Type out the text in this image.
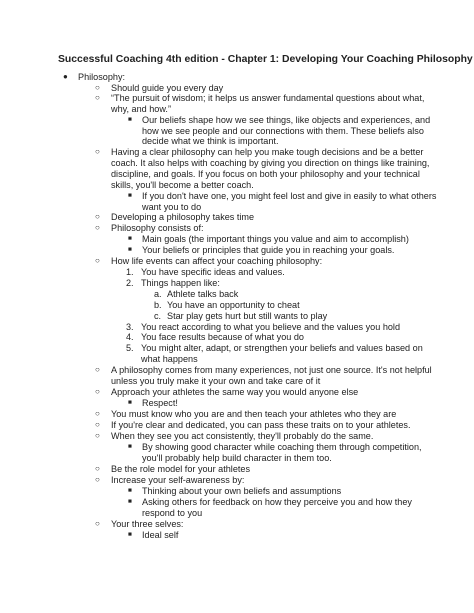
Successful Coaching 4th edition - Chapter 1: Developing Your Coaching Philosophy
● Philosophy:
○ Should guide you every day
○ “The pursuit of wisdom; it helps us answer fundamental questions about what,
why, and how.”
■ Our beliefs shape how we see things, like objects and experiences, and
how we see people and our connections with them. These beliefs also
decide what we think is important.
○ Having a clear philosophy can help you make tough decisions and be a better
coach. It also helps with coaching by giving you direction on things like training,
discipline, and goals. If you focus on both your philosophy and your technical
skills, you'll become a better coach.
■ If you don't have one, you might feel lost and give in easily to what others
want you to do
○ Developing a philosophy takes time
○ Philosophy consists of:
■ Main goals (the important things you value and aim to accomplish)
■ Your beliefs or principles that guide you in reaching your goals.
○ How life events can affect your coaching philosophy:
1. You have specific ideas and values.
2. Things happen like:
a. Athlete talks back
b. You have an opportunity to cheat
c. Star play gets hurt but still wants to play
3. You react according to what you believe and the values you hold
4. You face results because of what you do
5. You might alter, adapt, or strengthen your beliefs and values based on
what happens
○ A philosophy comes from many experiences, not just one source. It's not helpful
unless you truly make it your own and take care of it
○ Approach your athletes the same way you would anyone else
■ Respect!
○ You must know who you are and then teach your athletes who they are
○ If you're clear and dedicated, you can pass these traits on to your athletes.
○ When they see you act consistently, they'll probably do the same.
■ By showing good character while coaching them through competition,
you'll probably help build character in them too.
○ Be the role model for your athletes
○ Increase your self-awareness by:
■ Thinking about your own beliefs and assumptions
■ Asking others for feedback on how they perceive you and how they
respond to you
○ Your three selves:
■ Ideal self
